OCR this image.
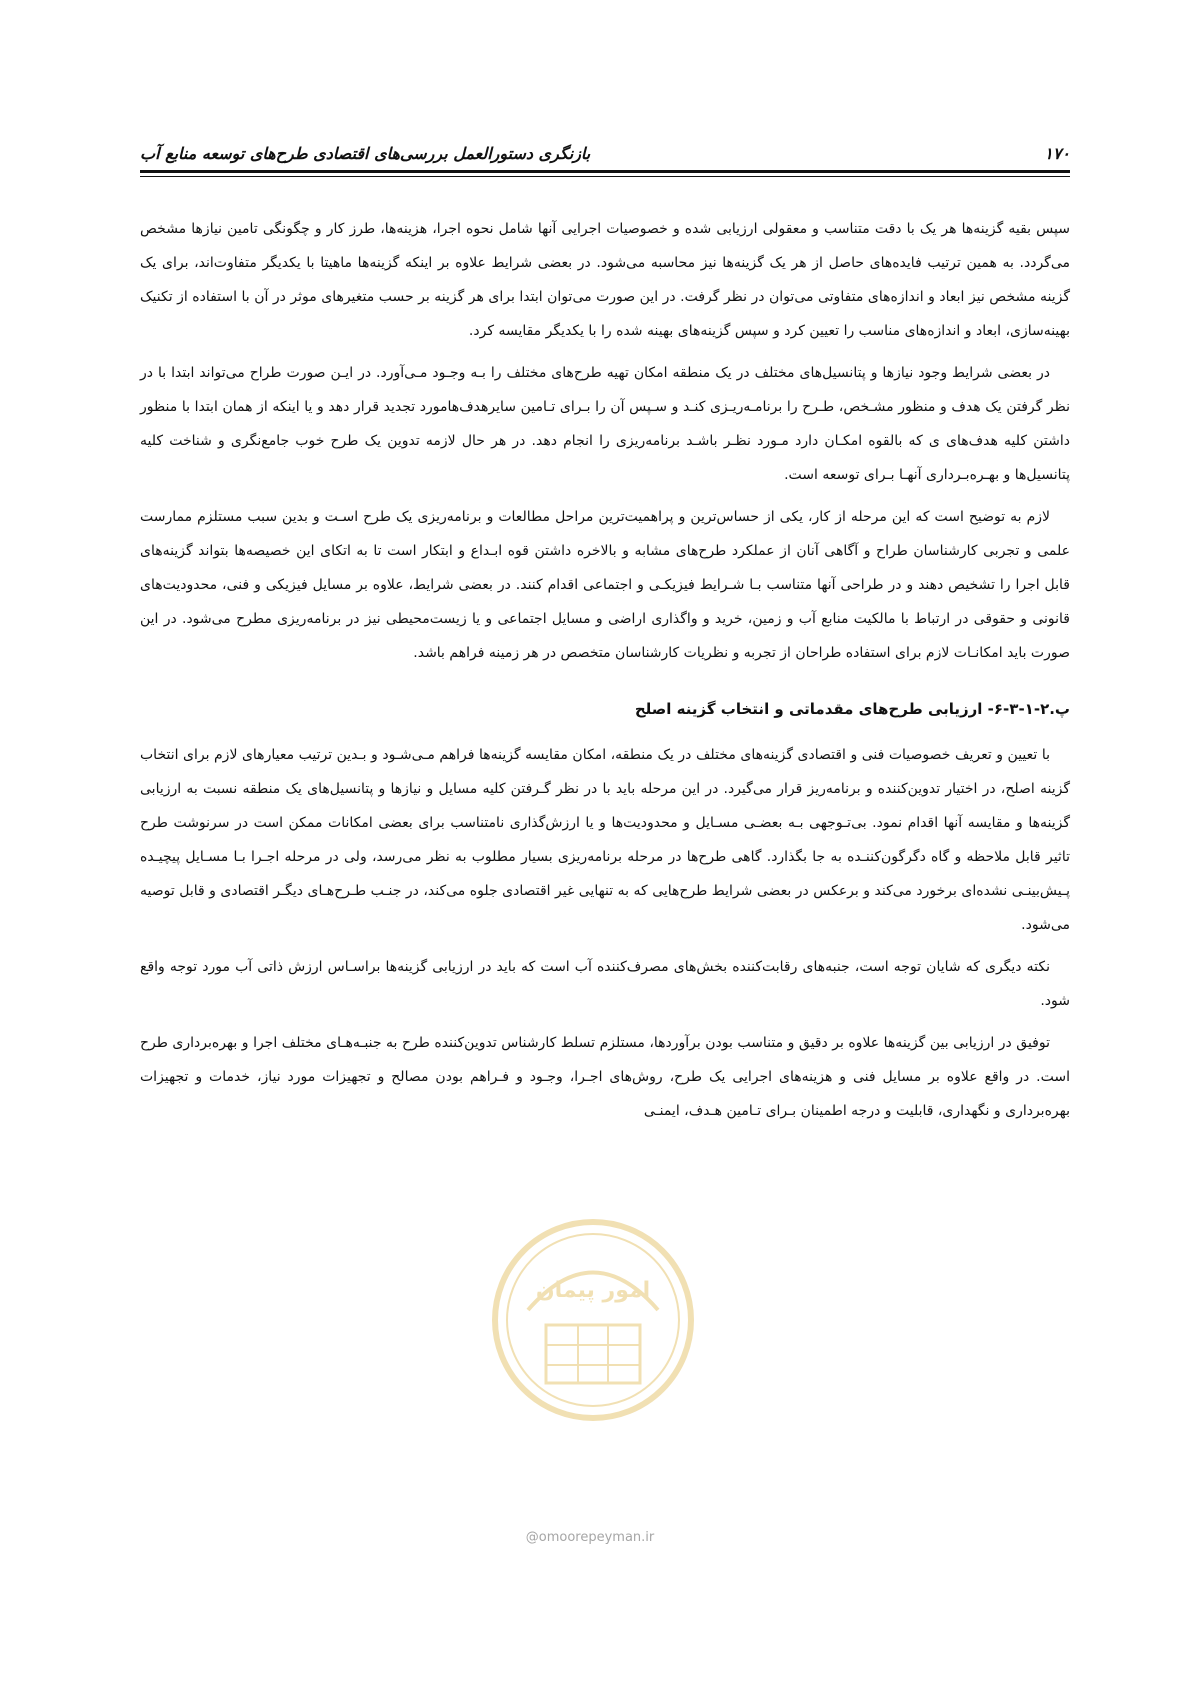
۱۷۰
بازنگری دستورالعمل بررسی‌های اقتصادی طرح‌های توسعه منابع آب

سپس بقیه گزینه‌ها هر یک با دقت متناسب و معقولی ارزیابی شده و خصوصیات اجرایی آنها شامل نحوه اجرا، هزینه‌ها، طرز کار و چگونگی تامین نیازها مشخص می‌گردد. به همین ترتیب فایده‌های حاصل از هر یک گزینه‌ها نیز محاسبه می‌شود. در بعضی شرایط علاوه بر اینکه گزینه‌ها ماهیتا با یکدیگر متفاوت‌اند، برای یک گزینه مشخص نیز ابعاد و اندازه‌های متفاوتی می‌توان در نظر گرفت. در این صورت می‌توان ابتدا برای هر گزینه بر حسب متغیرهای موثر در آن با استفاده از تکنیک بهینه‌سازی، ابعاد و اندازه‌های مناسب را تعیین کرد و سپس گزینه‌های بهینه شده را با یکدیگر مقایسه کرد.

در بعضی شرایط وجود نیازها و پتانسیل‌های مختلف در یک منطقه امکان تهیه طرح‌های مختلف را بـه وجـود مـی‌آورد. در ایـن صورت طراح می‌تواند ابتدا با در نظر گرفتن یک هدف و منظور مشـخص، طـرح را برنامـه‌ریـزی کنـد و سـپس آن را بـرای تـامین سایرهدف‌هامورد تجدید قرار دهد و یا اینکه از همان ابتدا با منظور داشتن کلیه هدف‌های ی که بالقوه امکـان دارد مـورد نظـر باشـد برنامه‌ریزی را انجام دهد. در هر حال لازمه تدوین یک طرح خوب جامع‌نگری و شناخت کلیه پتانسیل‌ها و بهـره‌بـرداری آنهـا بـرای توسعه است.

لازم به توضیح است که این مرحله از کار، یکی از حساس‌ترین و پراهمیت‌ترین مراحل مطالعات و برنامه‌ریزی یک طرح اسـت و بدین سبب مستلزم ممارست علمی و تجربی کارشناسان طراح و آگاهی آنان از عملکرد طرح‌های مشابه و بالاخره داشتن قوه ابـداع و ابتکار است تا به اتکای این خصیصه‌ها بتواند گزینه‌های قابل اجرا را تشخیص دهند و در طراحی آنها متناسب بـا شـرایط فیزیکـی و اجتماعی اقدام کنند. در بعضی شرایط، علاوه بر مسایل فیزیکی و فنی، محدودیت‌های قانونی و حقوقی در ارتباط با مالکیت منابع آب و زمین، خرید و واگذاری اراضی و مسایل اجتماعی و یا زیست‌محیطی نیز در برنامه‌ریزی مطرح می‌شود. در این صورت باید امکانـات لازم برای استفاده طراحان از تجربه و نظریات کارشناسان متخصص در هر زمینه فراهم باشد.

پ.۲-۱-۳-۶- ارزیابی طرح‌های مقدماتی و انتخاب گزینه اصلح

با تعیین و تعریف خصوصیات فنی و اقتصادی گزینه‌های مختلف در یک منطقه، امکان مقایسه گزینه‌ها فراهم مـی‌شـود و بـدین ترتیب معیارهای لازم برای انتخاب گزینه اصلح، در اختیار تدوین‌کننده و برنامه‌ریز قرار می‌گیرد. در این مرحله باید با در نظر گـرفتن کلیه مسایل و نیازها و پتانسیل‌های یک منطقه نسبت به ارزیابی گزینه‌ها و مقایسه آنها اقدام نمود. بی‌تـوجهی بـه بعضـی مسـایل و محدودیت‌ها و یا ارزش‌گذاری نامتناسب برای بعضی امکانات ممکن است در سرنوشت طرح تاثیر قابل ملاحظه و گاه دگرگون‌کننـده به جا بگذارد. گاهی طرح‌ها در مرحله برنامه‌ریزی بسیار مطلوب به نظر می‌رسد، ولی در مرحله اجـرا بـا مسـایل پیچیـده پـیش‌بینـی نشده‌ای برخورد می‌کند و برعکس در بعضی شرایط طرح‌هایی که به تنهایی غیر اقتصادی جلوه می‌کند، در جنـب طـرح‌هـای دیگـر اقتصادی و قابل توصیه می‌شود.

نکته دیگری که شایان توجه است، جنبه‌های رقابت‌کننده بخش‌های مصرف‌کننده آب است که باید در ارزیابی گزینه‌ها براسـاس ارزش ذاتی آب مورد توجه واقع شود.

توفیق در ارزیابی بین گزینه‌ها علاوه بر دقیق و متناسب بودن برآوردها، مستلزم تسلط کارشناس تدوین‌کننده طرح به جنبـه‌هـای مختلف اجرا و بهره‌برداری طرح است. در واقع علاوه بر مسایل فنی و هزینه‌های اجرایی یک طرح، روش‌های اجـرا، وجـود و فـراهم بودن مصالح و تجهیزات مورد نیاز، خدمات و تجهیزات بهره‌برداری و نگهداری، قابلیت و درجه اطمینان بـرای تـامین هـدف، ایمنـی

امور پیمان
@omoorepeyman.ir
